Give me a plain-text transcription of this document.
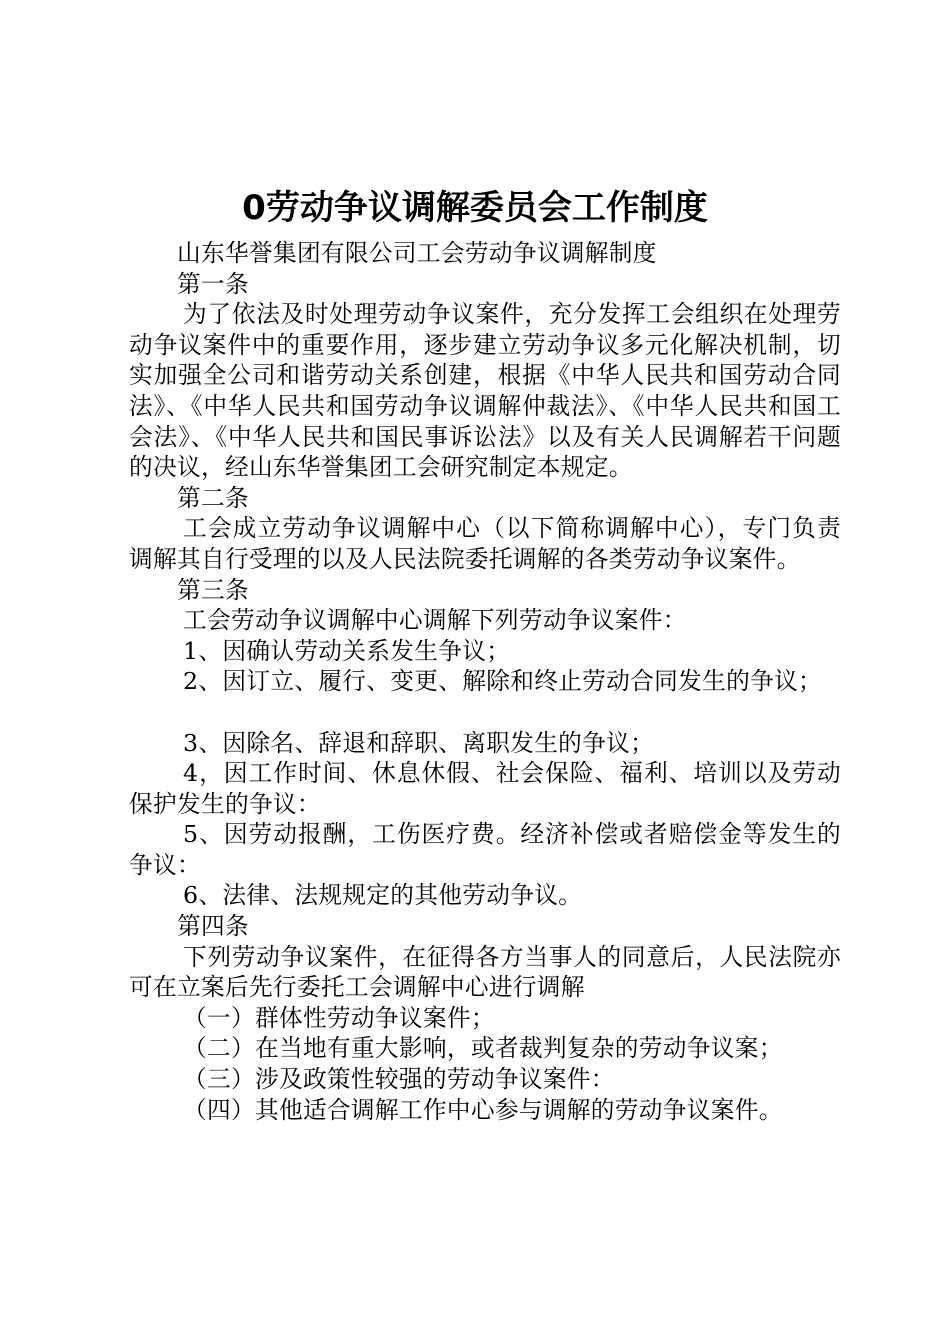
0劳动争议调解委员会工作制度

山东华誉集团有限公司工会劳动争议调解制度

第一条

为了依法及时处理劳动争议案件，充分发挥工会组织在处理劳动争议案件中的重要作用，逐步建立劳动争议多元化解决机制，切实加强全公司和谐劳动关系创建，根据《中华人民共和国劳动合同法》、《中华人民共和国劳动争议调解仲裁法》、《中华人民共和国工会法》、《中华人民共和国民事诉讼法》以及有关人民调解若干问题的决议，经山东华誉集团工会研究制定本规定。

第二条

工会成立劳动争议调解中心（以下简称调解中心），专门负责调解其自行受理的以及人民法院委托调解的各类劳动争议案件。

第三条

工会劳动争议调解中心调解下列劳动争议案件：

1、因确认劳动关系发生争议；

2、因订立、履行、变更、解除和终止劳动合同发生的争议；

3、因除名、辞退和辞职、离职发生的争议；

4，因工作时间、休息休假、社会保险、福利、培训以及劳动保护发生的争议：

5、因劳动报酬，工伤医疗费。经济补偿或者赔偿金等发生的争议：

6、法律、法规规定的其他劳动争议。

第四条

下列劳动争议案件，在征得各方当事人的同意后，人民法院亦可在立案后先行委托工会调解中心进行调解

（一）群体性劳动争议案件；

（二）在当地有重大影响，或者裁判复杂的劳动争议案；

（三）涉及政策性较强的劳动争议案件：

（四）其他适合调解工作中心参与调解的劳动争议案件。
